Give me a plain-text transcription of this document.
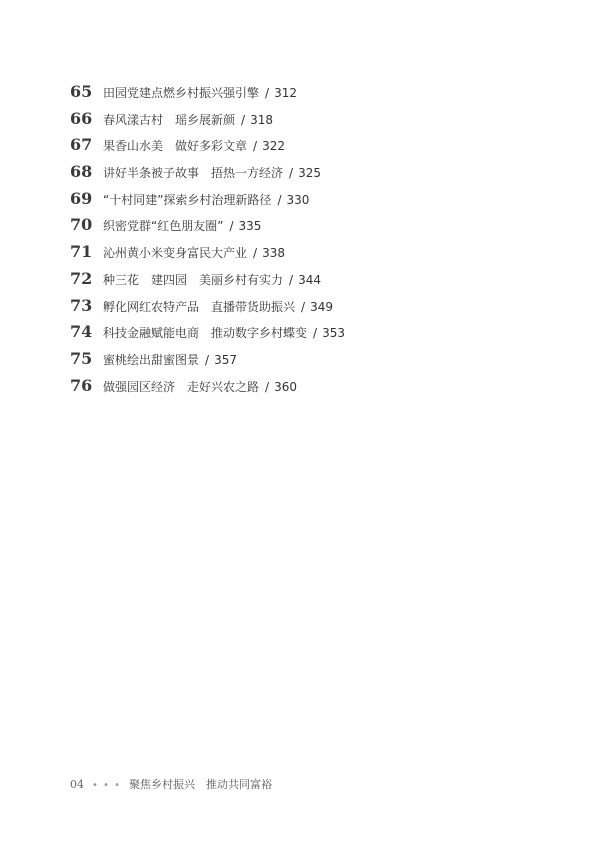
65 田园党建点燃乡村振兴强引擎 / 312
66 春风漾古村　瑶乡展新颜 / 318
67 果香山水美　做好多彩文章 / 322
68 讲好半条被子故事　捂热一方经济 / 325
69 “十村同建”探索乡村治理新路径 / 330
70 织密党群“红色朋友圈” / 335
71 沁州黄小米变身富民大产业 / 338
72 种三花　建四园　美丽乡村有实力 / 344
73 孵化网红农特产品　直播带货助振兴 / 349
74 科技金融赋能电商　推动数字乡村蝶变 / 353
75 蜜桃绘出甜蜜图景 / 357
76 做强园区经济　走好兴农之路 / 360
04 • • • 聚焦乡村振兴　推动共同富裕
